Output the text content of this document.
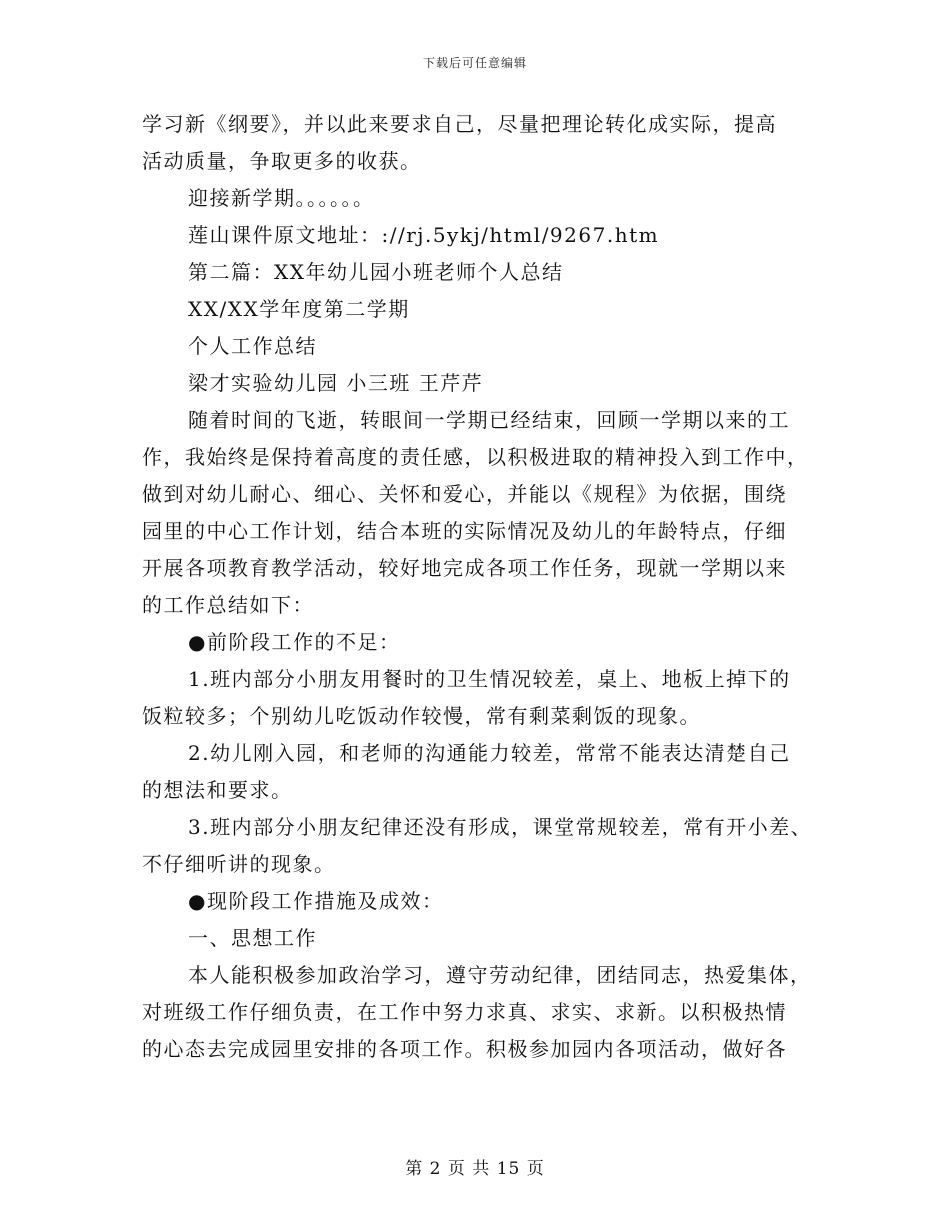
下载后可任意编辑

学习新《纲要》，并以此来要求自己，尽量把理论转化成实际，提高

活动质量，争取更多的收获。

迎接新学期。。。。。。

莲山课件原文地址：://rj.5ykj/html/9267.htm

第二篇：XX年幼儿园小班老师个人总结

XX/XX学年度第二学期

个人工作总结

梁才实验幼儿园 小三班 王芹芹

随着时间的飞逝，转眼间一学期已经结束，回顾一学期以来的工

作，我始终是保持着高度的责任感，以积极进取的精神投入到工作中，

做到对幼儿耐心、细心、关怀和爱心，并能以《规程》为依据，围绕

园里的中心工作计划，结合本班的实际情况及幼儿的年龄特点，仔细

开展各项教育教学活动，较好地完成各项工作任务，现就一学期以来

的工作总结如下：

●前阶段工作的不足：

1.班内部分小朋友用餐时的卫生情况较差，桌上、地板上掉下的

饭粒较多；个别幼儿吃饭动作较慢，常有剩菜剩饭的现象。

2.幼儿刚入园，和老师的沟通能力较差，常常不能表达清楚自己

的想法和要求。

3.班内部分小朋友纪律还没有形成，课堂常规较差，常有开小差、

不仔细听讲的现象。

●现阶段工作措施及成效：

一、思想工作

本人能积极参加政治学习，遵守劳动纪律，团结同志，热爱集体，

对班级工作仔细负责，在工作中努力求真、求实、求新。以积极热情

的心态去完成园里安排的各项工作。积极参加园内各项活动，做好各

第 2 页 共 15 页
